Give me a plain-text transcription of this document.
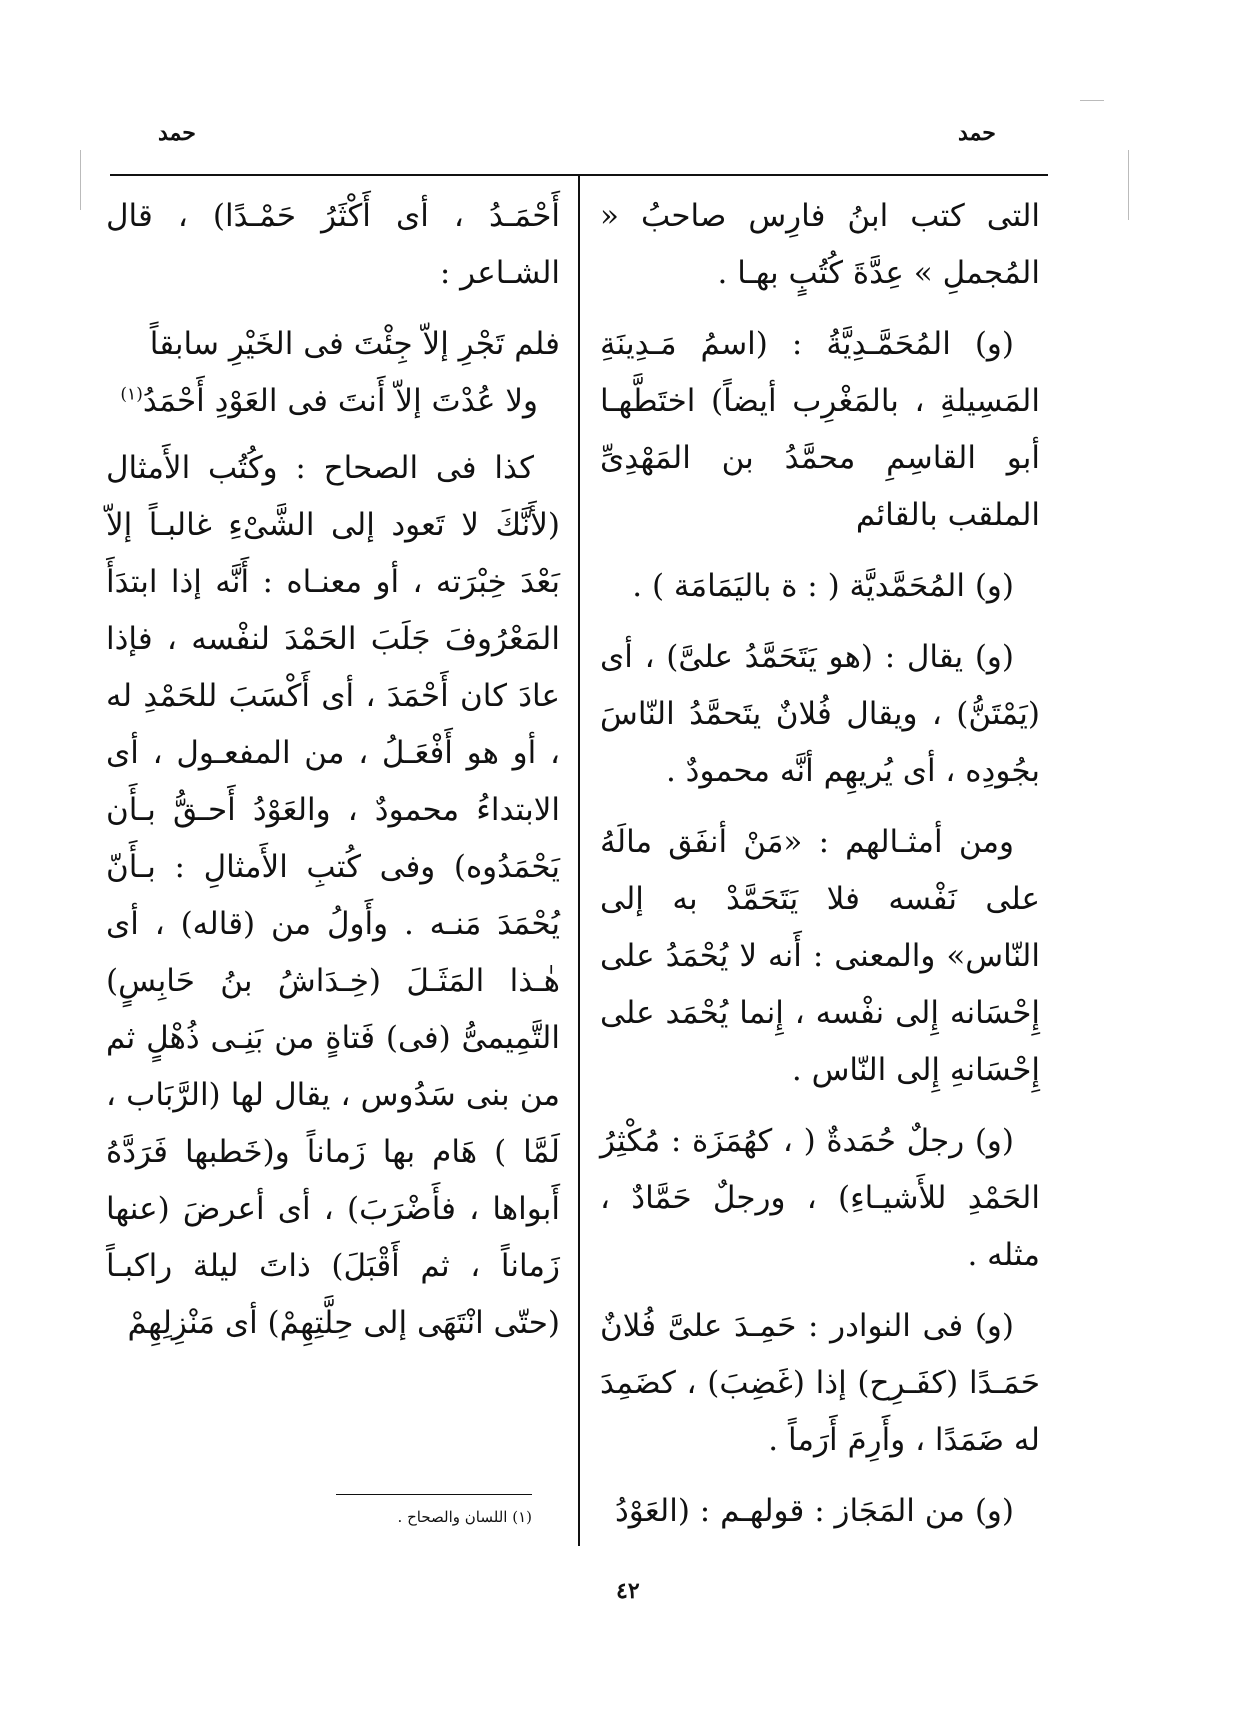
حمد
حمد

التى كتب ابنُ فارِس صاحبُ « المُجملِ » عِدَّةَ كُتُبٍ بهـا .

(و) المُحَمَّـدِيَّةُ : (اسمُ مَـدِينَةِ المَسِيلةِ ، بالمَغْرِب أيضاً) اختَطَّهـا أبو القاسِمِ محمَّدُ بن المَهْدِىِّ الملقب بالقائم

(و) المُحَمَّديَّة ( : ة باليَمَامَة ) .

(و) يقال : (هو يَتَحَمَّدُ علىَّ) ، أى (يَمْتَنُّ) ، ويقال فُلانٌ يتَحمَّدُ النّاسَ بجُودِه ، أى يُريهِم أنَّه محمودٌ .

ومن أمثـالهم : «مَنْ أنفَق مالَهُ على نَفْسه فلا يَتَحَمَّدْ به إلى النّاس» والمعنى : أَنه لا يُحْمَدُ على إِحْسَانه إِلى نفْسه ، إِنما يُحْمَد على إِحْسَانهِ إِلى النّاس .

(و) رجلٌ حُمَدةٌ ( ، كهُمَزَة : مُكْثِرُ الحَمْدِ للأَشيـاءِ) ، ورجلٌ حَمَّادٌ ، مثله .

(و) فى النوادر : حَمِـدَ علىَّ فُلانٌ حَمَـدًا (كفَـرِح) إذا (غَضِبَ) ، كضَمِدَ له ضَمَدًا ، وأَرِمَ أَرَماً .

(و) من المَجَاز : قولهـم : (العَوْدُ

أَحْمَـدُ ، أى أَكْثَرُ حَمْـدًا) ، قال الشـاعر :

فلم تَجْرِ إلاّ جِئْتَ فى الخَيْرِ سابقاً
ولا عُدْتَ إلاّ أَنتَ فى العَوْدِ أَحْمَدُ$^{(١)}$

كذا فى الصحاح : وكُتُب الأَمثال (لأَنَّكَ لا تَعود إلى الشَّىْءِ غالبـاً إلاّ بَعْدَ خِبْرَته ، أو معنـاه : أَنَّه إذا ابتدَأَ المَعْرُوفَ جَلَبَ الحَمْدَ لنفْسه ، فإذا عادَ كان أَحْمَدَ ، أى أَكْسَبَ للحَمْدِ له ، أو هو أَفْعَـلُ ، من المفعـول ، أى الابتداءُ محمودٌ ، والعَوْدُ أَحـقُّ بـأَن يَحْمَدُوه) وفى كُتبِ الأَمثالِ : بـأَنّ يُحْمَدَ مَنـه . وأَولُ من (قاله) ، أى هٰـذا المَثَـلَ (خِـدَاشُ بنُ حَابِسٍ) التَّمِيمىُّ (فى) فَتاةٍ من بَنِـى ذُهْلٍ ثم من بنى سَدُوس ، يقال لها (الرَّبَاب ، لَمَّا ) هَام بها زَماناً و(خَطبها فَرَدَّهُ أَبواها ، فأَضْرَبَ) ، أى أعرضَ (عنها زَماناً ، ثم أَقْبَلَ) ذاتَ ليلة راكبـاً (حتّى انْتَهَى إلى حِلَّتِهِمْ) أى مَنْزِلِهِمْ

(١) اللسان والصحاح .
٤٢
